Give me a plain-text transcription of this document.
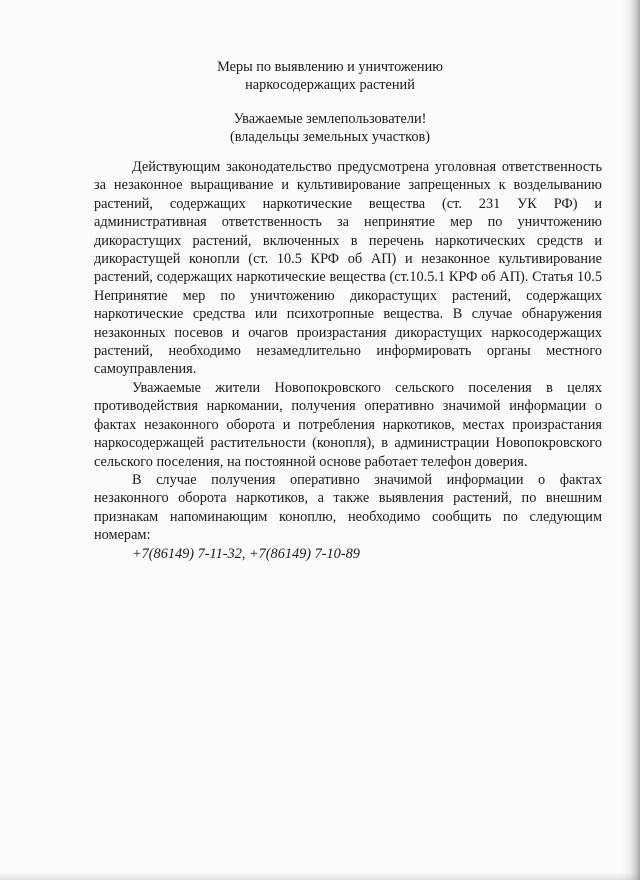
Меры по выявлению и уничтожению
наркосодержащих растений
Уважаемые землепользователи!
(владельцы земельных участков)

Действующим законодательство предусмотрена уголовная ответственность за незаконное выращивание и культивирование запрещенных к возделыванию растений, содержащих наркотические вещества (ст. 231 УК РФ) и административная ответственность за непринятие мер по уничтожению дикорастущих растений, включенных в перечень наркотических средств и дикорастущей конопли (ст. 10.5 КРФ об АП) и незаконное культивирование растений, содержащих наркотические вещества (ст.10.5.1 КРФ об АП). Статья 10.5 Непринятие мер по уничтожению дикорастущих растений, содержащих наркотические средства или психотропные вещества. В случае обнаружения незаконных посевов и очагов произрастания дикорастущих наркосодержащих растений, необходимо незамедлительно информировать органы местного самоуправления.

Уважаемые жители Новопокровского сельского поселения в целях противодействия наркомании, получения оперативно значимой информации о фактах незаконного оборота и потребления наркотиков, местах произрастания наркосодержащей растительности (конопля), в администрации Новопокровского сельского поселения, на постоянной основе работает телефон доверия.

В случае получения оперативно значимой информации о фактах незаконного оборота наркотиков, а также выявления растений, по внешним признакам напоминающим коноплю, необходимо сообщить по следующим номерам:

+7(86149) 7-11-32, +7(86149) 7-10-89
